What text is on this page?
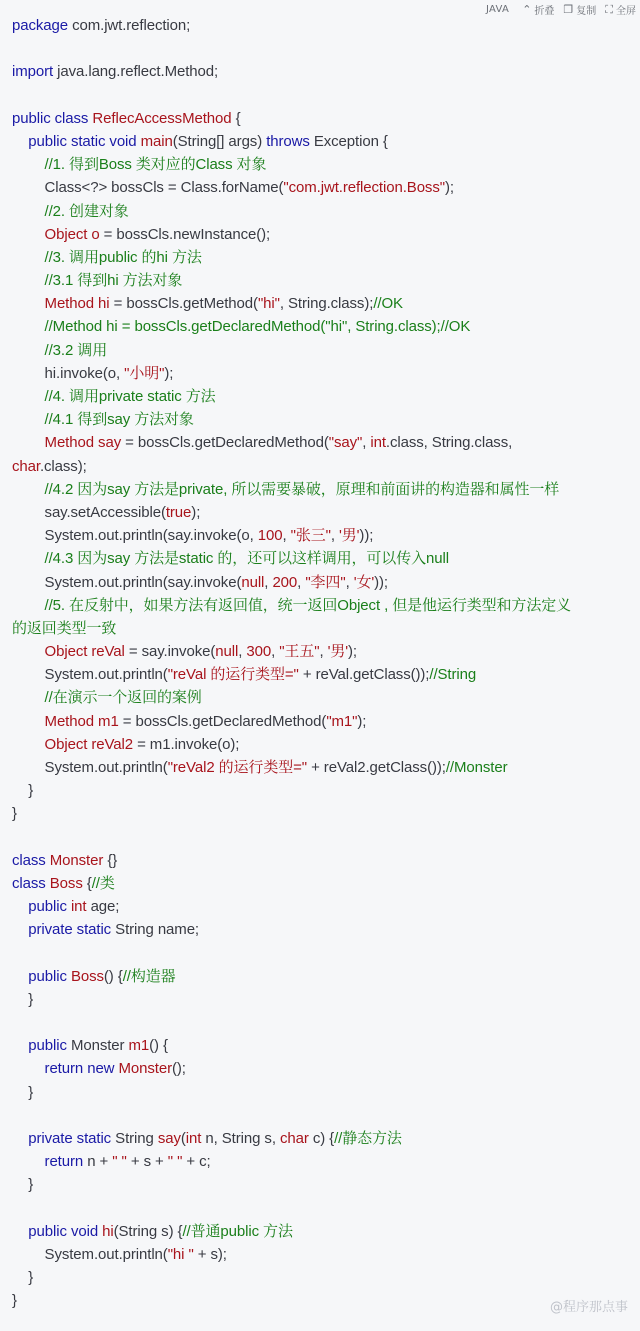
JAVA ⌃ 折叠 ❐ 复制 ⛶ 全屏
package com.jwt.reflection;

import java.lang.reflect.Method;

public class ReflecAccessMethod {
public static void main(String[] args) throws Exception {
//1. 得到Boss 类对应的Class 对象
Class<?> bossCls = Class.forName("com.jwt.reflection.Boss");
//2. 创建对象
Object o = bossCls.newInstance();
//3. 调用public 的hi 方法
//3.1 得到hi 方法对象
Method hi = bossCls.getMethod("hi", String.class);//OK
//Method hi = bossCls.getDeclaredMethod("hi", String.class);//OK
//3.2 调用
hi.invoke(o, "小明");
//4. 调用private static 方法
//4.1 得到say 方法对象
Method say = bossCls.getDeclaredMethod("say", int.class, String.class,
char.class);
//4.2 因为say 方法是private, 所以需要暴破，原理和前面讲的构造器和属性一样
say.setAccessible(true);
System.out.println(say.invoke(o, 100, "张三", '男'));
//4.3 因为say 方法是static 的，还可以这样调用，可以传入null
System.out.println(say.invoke(null, 200, "李四", '女'));
//5. 在反射中，如果方法有返回值，统一返回Object , 但是他运行类型和方法定义
的返回类型一致
Object reVal = say.invoke(null, 300, "王五", '男');
System.out.println("reVal 的运行类型=" + reVal.getClass());//String
//在演示一个返回的案例
Method m1 = bossCls.getDeclaredMethod("m1");
Object reVal2 = m1.invoke(o);
System.out.println("reVal2 的运行类型=" + reVal2.getClass());//Monster
}
}

class Monster {}
class Boss {//类
public int age;
private static String name;

public Boss() {//构造器
}

public Monster m1() {
return new Monster();
}

private static String say(int n, String s, char c) {//静态方法
return n + " " + s + " " + c;
}

public void hi(String s) {//普通public 方法
System.out.println("hi " + s);
}
}	@程序那点事
